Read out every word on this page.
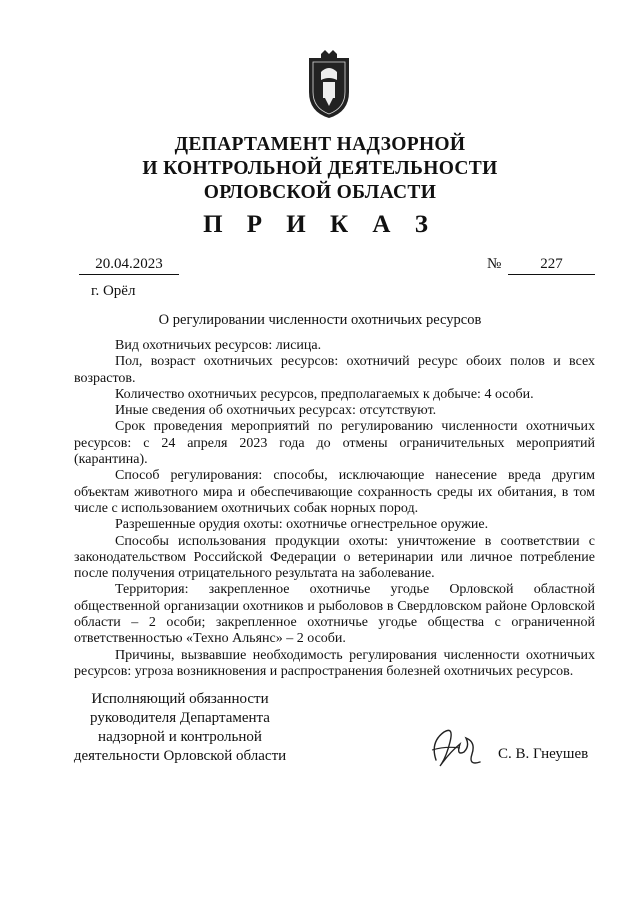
ДЕПАРТАМЕНТ НАДЗОРНОЙ
И КОНТРОЛЬНОЙ ДЕЯТЕЛЬНОСТИ
ОРЛОВСКОЙ ОБЛАСТИ
П Р И К А З
20.04.2023	№	227
г. Орёл
О регулировании численности охотничьих ресурсов

Вид охотничьих ресурсов: лисица.

Пол, возраст охотничьих ресурсов: охотничий ресурс обоих полов и всех возрастов.

Количество охотничьих ресурсов, предполагаемых к добыче: 4 особи.

Иные сведения об охотничьих ресурсах: отсутствуют.

Срок проведения мероприятий по регулированию численности охотничьих ресурсов: с 24 апреля 2023 года до отмены ограничительных мероприятий (карантина).

Способ регулирования: способы, исключающие нанесение вреда другим объектам животного мира и обеспечивающие сохранность среды их обитания, в том числе с использованием охотничьих собак норных пород.

Разрешенные орудия охоты: охотничье огнестрельное оружие.

Способы использования продукции охоты: уничтожение в соответствии с законодательством Российской Федерации о ветеринарии или личное потребление после получения отрицательного результата на заболевание.

Территория: закрепленное охотничье угодье Орловской областной общественной организации охотников и рыболовов в Свердловском районе Орловской области – 2 особи; закрепленное охотничье угодье общества с ограниченной ответственностью «Техно Альянс» – 2 особи.

Причины, вызвавшие необходимость регулирования численности охотничьих ресурсов: угроза возникновения и распространения болезней охотничьих ресурсов.

Исполняющий обязанности
руководителя Департамента
надзорной и контрольной
деятельности Орловской области	С. В. Гнеушев
